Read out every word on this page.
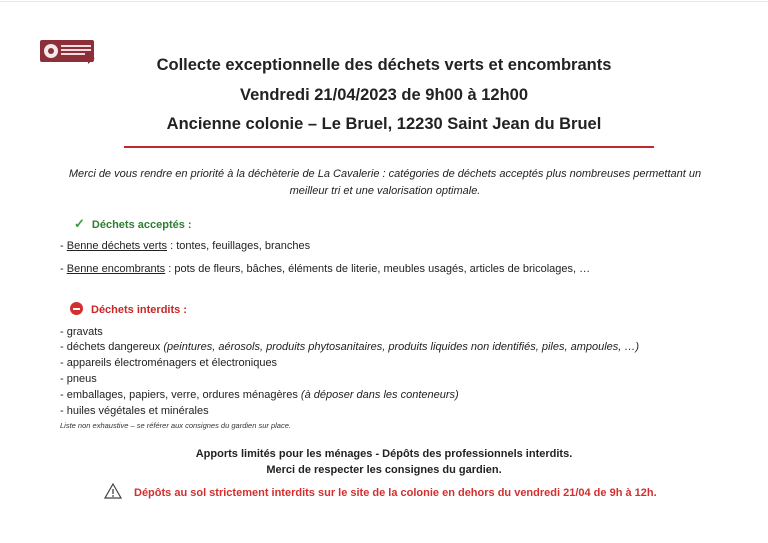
Collecte exceptionnelle des déchets verts et encombrants
Vendredi 21/04/2023 de 9h00 à 12h00
Ancienne colonie – Le Bruel, 12230 Saint Jean du Bruel
Merci de vous rendre en priorité à la déchèterie de La Cavalerie : catégories de déchets acceptés plus nombreuses permettant un meilleur tri et une valorisation optimale.
✓ Déchets acceptés :
- Benne déchets verts : tontes, feuillages, branches
- Benne encombrants : pots de fleurs, bâches, éléments de literie, meubles usagés, articles de bricolages, …
Déchets interdits :
- gravats
- déchets dangereux (peintures, aérosols, produits phytosanitaires, produits liquides non identifiés, piles, ampoules, …)
- appareils électroménagers et électroniques
- pneus
- emballages, papiers, verre, ordures ménagères (à déposer dans les conteneurs)
- huiles végétales et minérales
Liste non exhaustive – se référer aux consignes du gardien sur place.
Apports limités pour les ménages - Dépôts des professionnels interdits.
Merci de respecter les consignes du gardien.
Dépôts au sol strictement interdits sur le site de la colonie en dehors du vendredi 21/04 de 9h à 12h.
